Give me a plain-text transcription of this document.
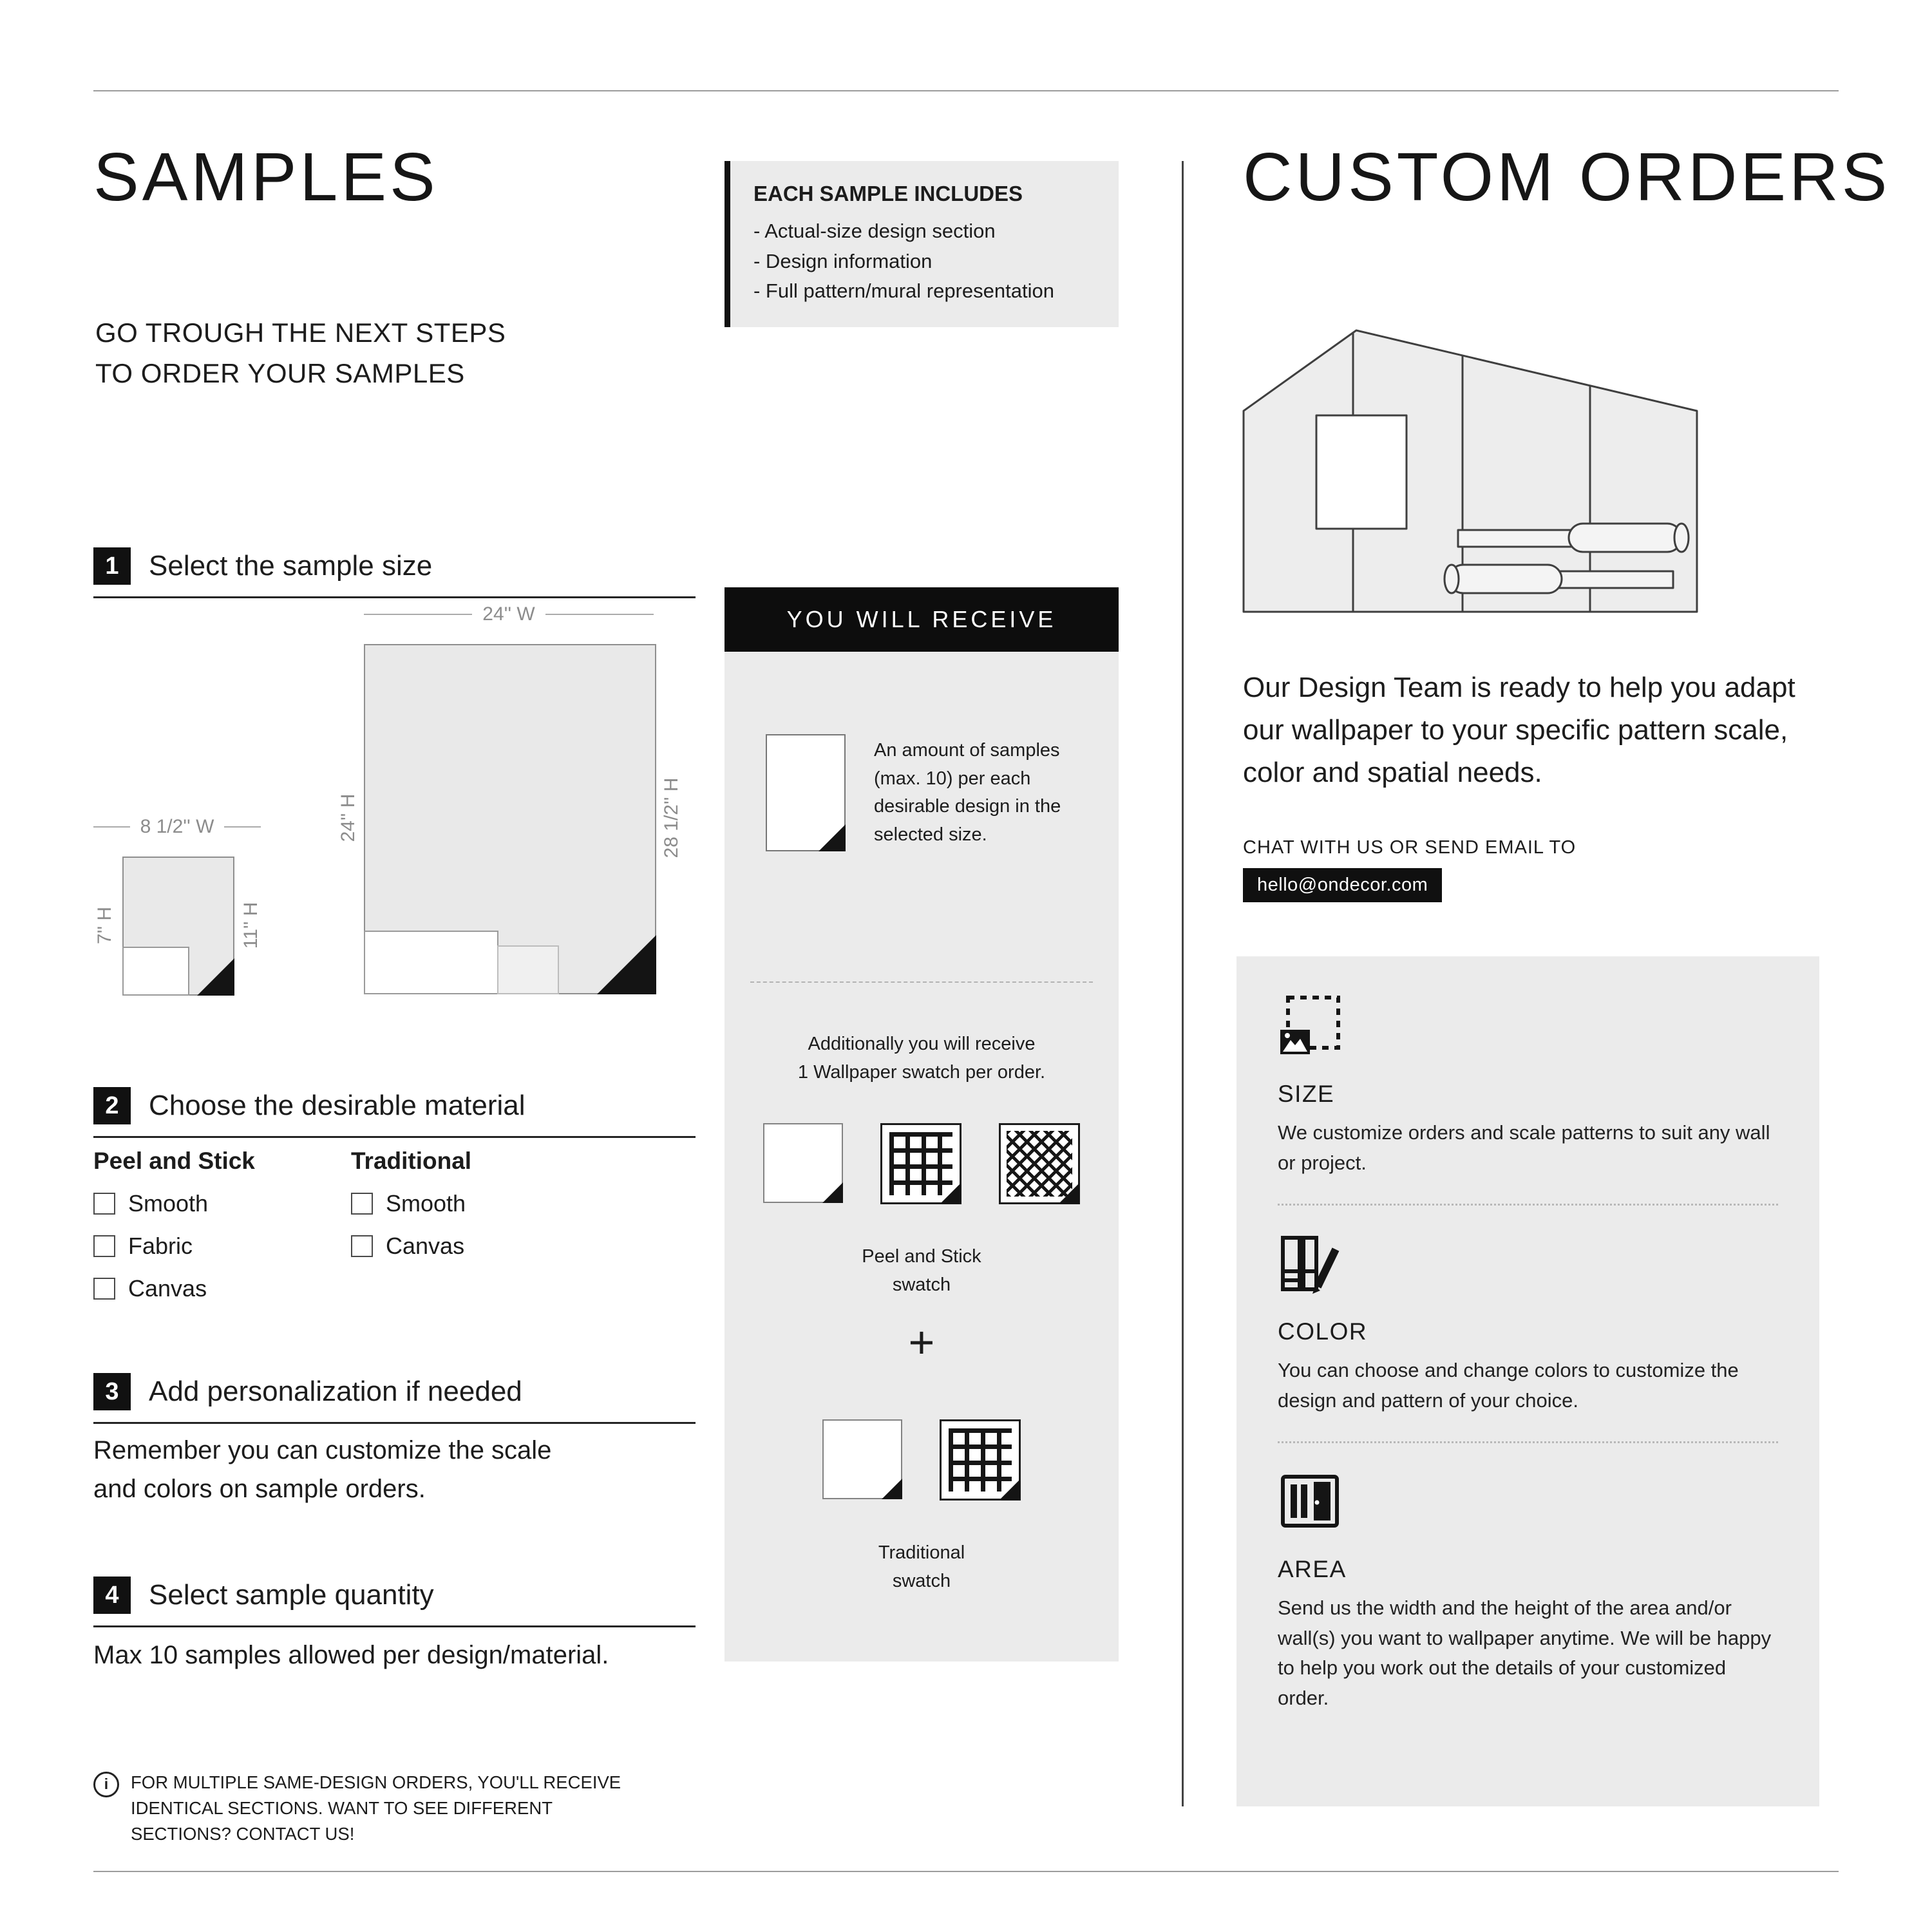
SAMPLES
GO TROUGH THE NEXT STEPS
TO ORDER YOUR SAMPLES
1	Select the sample size
24'' W
24'' H	28 1/2'' H
8 1/2'' W
7'' H	11'' H
2	Choose the desirable material
Peel and Stick
Smooth
Fabric
Canvas
Traditional
Smooth
Canvas
3	Add personalization if needed
Remember you can customize the scale and colors on sample orders.
4	Select sample quantity
Max 10 samples allowed per design/material.
i	FOR MULTIPLE SAME-DESIGN ORDERS, YOU'LL RECEIVE IDENTICAL SECTIONS. WANT TO SEE DIFFERENT SECTIONS? CONTACT US!
EACH SAMPLE INCLUDES
- Actual-size design section
- Design information
- Full pattern/mural representation
YOU WILL RECEIVE
An amount of samples (max. 10) per each desirable design in the selected size.
Additionally you will receive
1 Wallpaper swatch per order.
Peel and Stick
swatch
+
Traditional
swatch
CUSTOM ORDERS
Our Design Team is ready to help you adapt our wallpaper to your specific pattern scale, color and spatial needs.
CHAT WITH US OR SEND EMAIL TO
hello@ondecor.com
SIZE
We customize orders and scale patterns to suit any wall or project.
COLOR
You can choose and change colors to customize the design and pattern of your choice.
AREA
Send us the width and the height of the area and/or wall(s) you want to wallpaper anytime. We will be happy to help you work out the details of your customized order.
